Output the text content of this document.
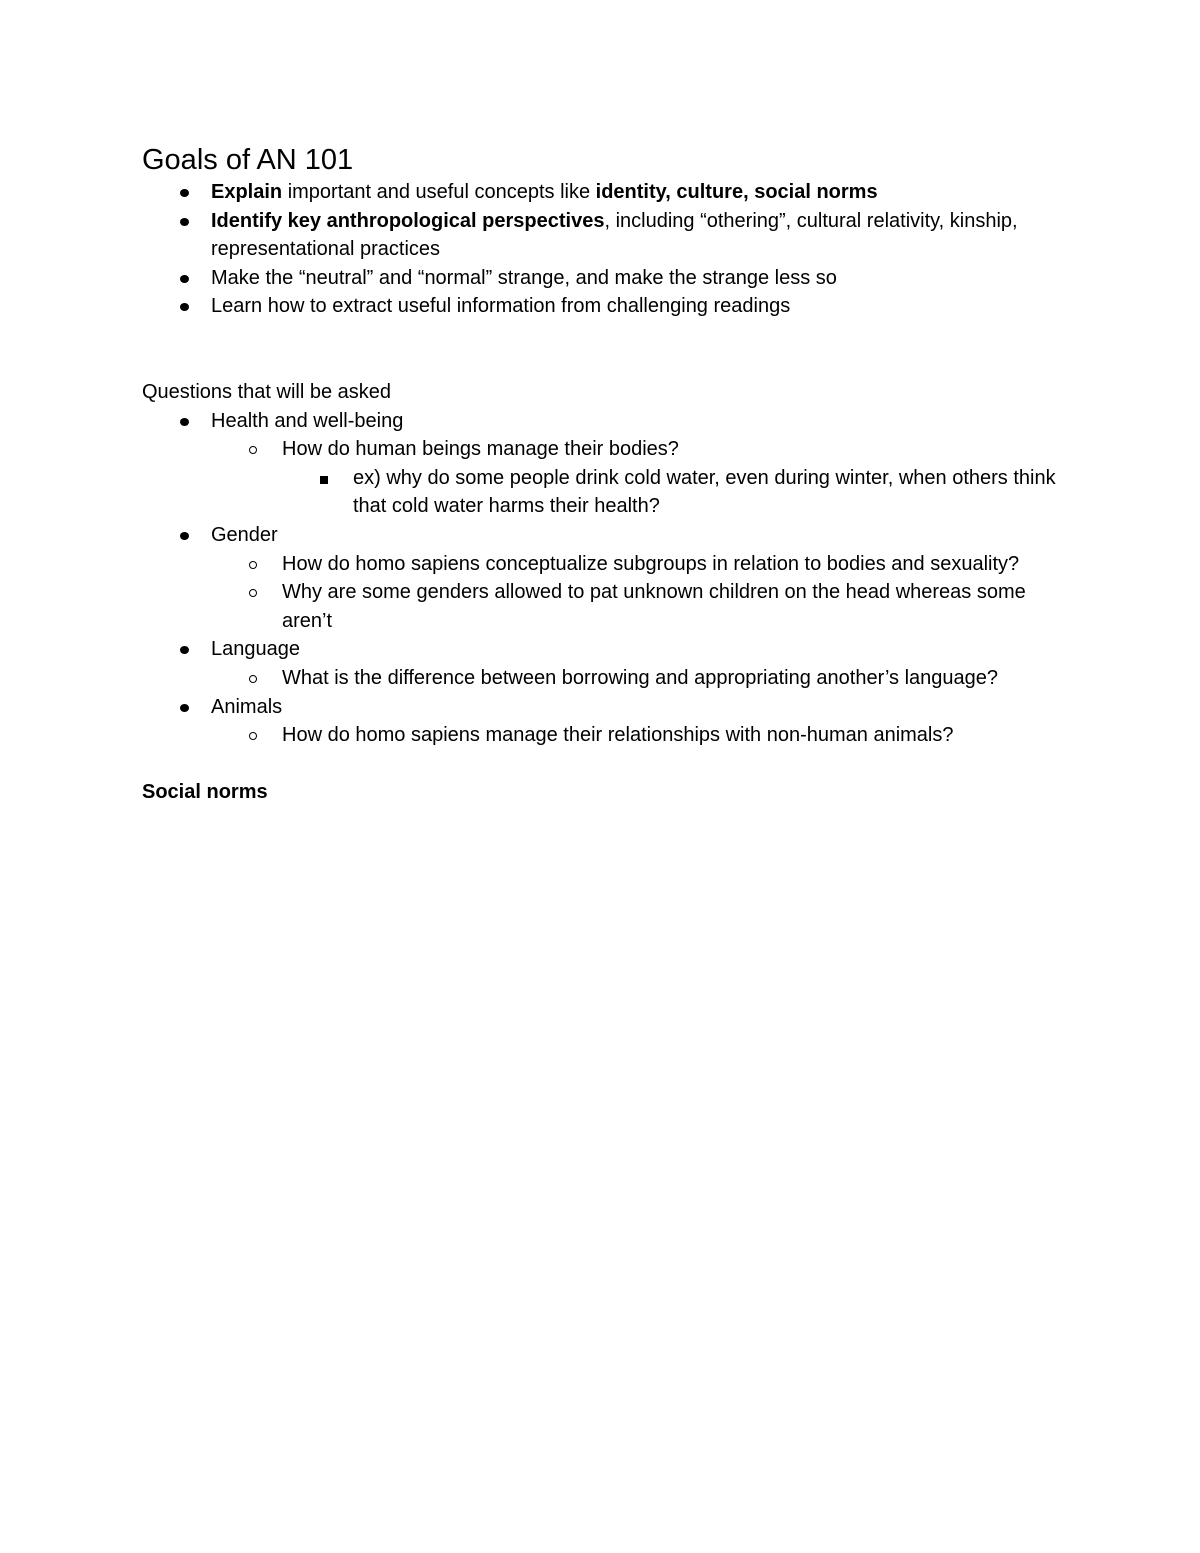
Goals of AN 101
Explain important and useful concepts like identity, culture, social norms
Identify key anthropological perspectives, including “othering”, cultural relativity, kinship, representational practices
Make the “neutral” and “normal” strange, and make the strange less so
Learn how to extract useful information from challenging readings

Questions that will be asked

Health and well-being
How do human beings manage their bodies?
ex) why do some people drink cold water, even during winter, when others think that cold water harms their health?
Gender
How do homo sapiens conceptualize subgroups in relation to bodies and sexuality?
Why are some genders allowed to pat unknown children on the head whereas some aren’t
Language
What is the difference between borrowing and appropriating another’s language?
Animals
How do homo sapiens manage their relationships with non-human animals?

Social norms
